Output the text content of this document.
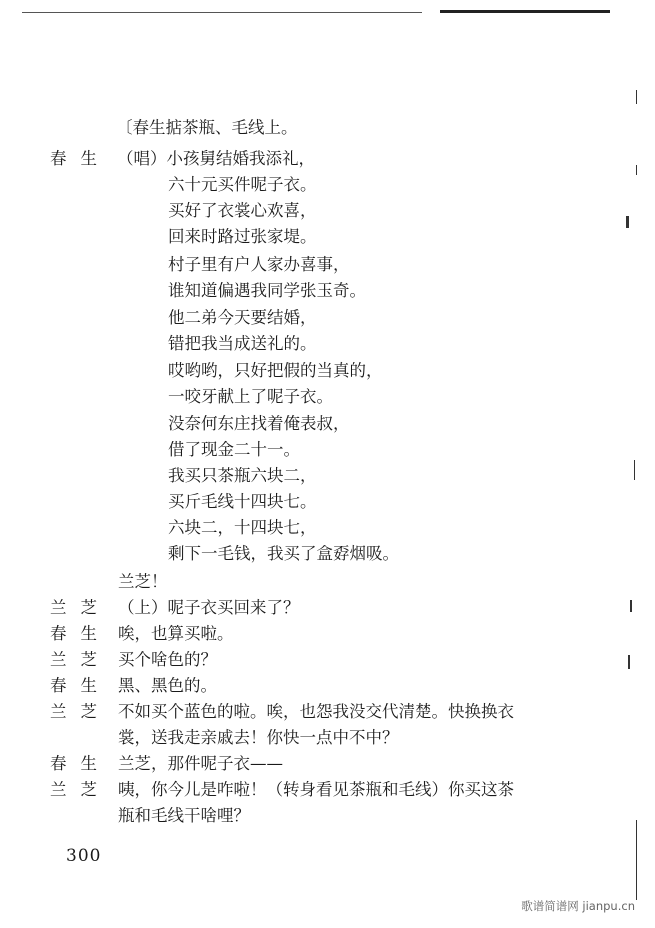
〔春生掂茶瓶、毛线上。
春生 （唱）小孩舅结婚我添礼，
六十元买件呢子衣。
买好了衣裳心欢喜，
回来时路过张家堤。
村子里有户人家办喜事，
谁知道偏遇我同学张玉奇。
他二弟今天要结婚，
错把我当成送礼的。
哎哟哟，只好把假的当真的，
一咬牙献上了呢子衣。
没奈何东庄找着俺表叔，
借了现金二十一。
我买只茶瓶六块二，
买斤毛线十四块七。
六块二，十四块七，
剩下一毛钱，我买了盒孬烟吸。
兰芝！
兰芝 （上）呢子衣买回来了？
春生 唉，也算买啦。
兰芝 买个啥色的？
春生 黑、黑色的。
兰芝 不如买个蓝色的啦。唉，也怨我没交代清楚。快换换衣
裳，送我走亲戚去！你快一点中不中？
春生 兰芝，那件呢子衣——
兰芝 咦，你今儿是咋啦！（转身看见茶瓶和毛线）你买这茶
瓶和毛线干啥哩？
300
歌谱简谱网 jianpu.cn
